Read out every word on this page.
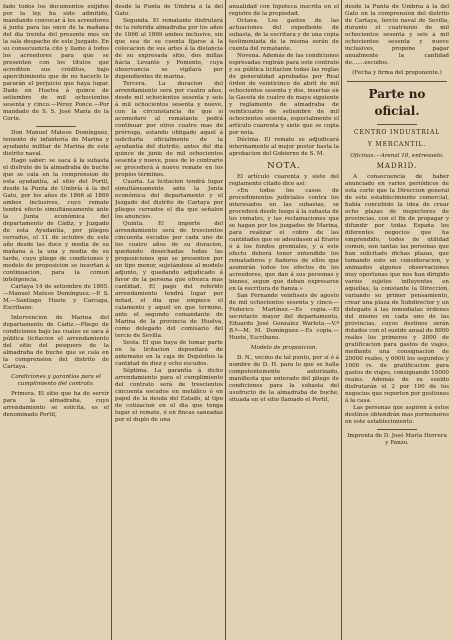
fado todos los documentos exijidos por la ley, ha sido admitido, mandando convocar á los acreedores á junta para las once de la mañana del dia treinta del presente mes en la sala despacho de este Juzgado. En su consecuencia cito y llamo á todos los acreedores para que se presenten con los títulos que acrediten sus créditos, bajo apercibimiento que de no hacerlo le pararán el perjuicio que haya lugar. Dado en Huelva á quince de setiembre de mil ochocientos sesenta y cinco.—Pérez Ponce.—Por mandado de S. S. José María de la Corte.

Don Manuel Mateos Domínguez, teniente de infantería de Marina y ayudante militar de Marina de este distrito naval.

Hago saber: se saca á la subasta el disfrute de la almadraba de buche que se cala en la comprension de esta ayudantía, al sitio del Portil, desde la Punta de Umbría á la del Gato, por los años de 1866 al 1869 ambos inclusives, cuyo remate tendrá efecto simultáneamente ante la Junta económica del departamento de Cádiz, y Juzgado de esta Ayudantía, por pliegos cerrados, el 11 de octubre de este año desde las doce y media de su mañana á la una y media de su tarde, cuyo pliego de condiciones y modelo de proposicion se insertan á continuacion, para la comun inteligencia.

Cartaya 14 de setiembre de 1865.—Manuel Mateos Domínguez.—P. S. M.—Santiago Huete y Carcaga, Escribano.

Intervencion de Marina del departamento de Cádiz.—Pliego de condiciones bajo las cuales se saca á pública licitacion el arrendamiento del sitio del pesquero de la almadraba de buche que se cala en la comprension del distrito de Cartaya.

Condiciones y garantías para el cumplimiento del contrato.

Primera. El sitio que ha de servir para la almadraba, cuyo arrendamiento se solicita, es el denominado Portil,

desde la Punta de Umbría á la del Gato.

Segunda. El rematante disfrutará de la referida almadraba por los años de 1866 al 1869 ambos inclusive, sin que sea de su cuenta fijarse á la colocacion de sus artes á la distancia de su expresada sitio, dos millas hácia Levante y Poniente, cuya observancia se vigilará por dependientes de marina.

Tercera. La duracion del arrendamiento será por cuatro años, desde mil ochocientos sesenta y seis á mil ochocientos sesenta y nueve, con la circunstancia de que si acomodare al rematante podrá continuar por otros cuatro mas de prórroga, estando obligado aquel á solicitarla oficialmente de la ayudantía del distrito, antes del dia quince de junio de mil ochocientos sesenta y nueve, pues de lo contrario se procederá á nuevo remate en los propios términos.

Cuarta. La licitacion tendrá lugar simultáneamente ante la Junta económica del departamento y el Juzgado del distrito de Cartaya por pliegos cerrados el dia que señalen los anuncios.

Quinta. El importe del arrendamiento será de trescientos cincuenta escudos por cada uno de los cuatro años de su duracion, quedando desechadas todas las proposiciones que se presenten por un tipo menor, sujetándose al modelo adjunto, y quedando adjudicado á favor de la persona que ofrezca mas cantidad. El pago del referido arrendamiento tendrá lugar por mitad, el dia que empiece el calamento y aquel en que termine, ante el segundo comandante de Marina de la provincia de Huelva, como delegado del comisario del tercio de Sevilla.

Sesta. El que haya de tomar parte en la licitacion depositará de antemano en la caja de Depósitos la cantidad de diez y ocho escudos.

Séptima. La garantía á dicho arrendamiento para el cumplimiento del contrato será de trescientos cincuenta escudos en metálico ó en papel de la deuda del Estado, al tipo de cotizacion en el dia que tenga lugar el remate, ó en fincas saneadas por el duplo de una

anualidad con hipoteca inscrita en el registro de la propiedad.

Octava. Los gastos de las actuaciones del expediente de subasta, de la escritura y de una copia testimoniada de la misma serán de cuenta del rematante.

Novena. Además de las condiciones espresadas regirán para este contrato y su pública licitacion todas las reglas de generalidad aprobadas por Real órden de veinticinco de abril de mil ochocientos sesenta y dos, insertas en la Gaceta de cuatro de mayo siguiente y reglamento de almadraba de veinticuatro de setiembre de mil ochocientos sesenta, especialmente el artículo cuarenta y siete que se copia por nota.

Décima. El remate se adjudicará interinamente al mejor postor hasta la aprobacion del Gobierno de S. M.

NOTA.

El artículo cuarenta y siete del reglamento citado dice así:

«En todos los casos de procedimientos judiciales contra los interesados en las subastas, se procederá desde luego á la subasta de los remates, y las reclamaciones que se hagan por los juzgados de Marina, para realizar el cobro de las cantidades que se adeudasen al Erario ó á los fondos gremiales, y á este efecto deberá tener entendido los rematadores y fiadores de ellos que asumirán todos los efectos de los acreedores, que dan á sus personas y bienes, segun que deban expresarse en la escritura de fianza.»

San Fernando veintiseis de agosto de mil ochocientos sesenta y cinco.—Federico Martínez.—Es copia.—El secretario mayor del departamento, Eduardo José Gonzalez Warleta.—V.º B.º—M. M. Domínguez.—Es copia.—Huete, Escribano.

Modelo de proposicion.

D. N., vecino de tal punto, por sí ó á nombre de D. H. para lo que se halla competentemente autorizado, manifiesta que enterado del pliego de condiciones para la subasta del usufructo de la almadraba de buche, situada en el sitio llamado el Portil,

desde la Punta de Umbría á la del Gato en la comprension del distrito de Cartaya, tercio naval de Sevilla, durante el cuatrienio de mil ochocientos sesenta y seis á mil ochocientos sesenta y nueve inclusives, propone pagar anualmente la cantidad de.......escudos.

(Fecha y firma del proponente.)

Parte no oficial.
CENTRO INDUSTRIAL
Y MERCANTIL.

Oficinas.—Arenal 10, entresuelo.

MADRID.

A consecuencia de haber anunciado en varios periódicos de esta corte que la Direccion general de este establecimiento comercial, había concebido la idea de crear ocho plazas de inspectores de provincias, con el fin de propagar y difundir por todas España los diferentes negocios que ha emprendido, todos de utilidad comun, son tantas las personas que han solicitado dichas plazas, que tomando esto en consideracion, y animados algunos observaciones muy oportunas que nos han dirigido varios sujetos influyentes en aquellas, la constante la Direccion, variando su primer pensamiento, crear una plaza de Subdirector y un delegado á las inmediatas órdenes del mismo en cada uno de las provincias, cuyos destinos serán dotados con el sueldo anual de 8000 reales los primeros y 2000 de gratificacion para gastos de viajes, mediante una consignacion de 20000 reales, y 6000 los segundos y 1000 rs. de gratificacion para gastos de viajes, consignando 15000 reales. Además de su sueldo disfrutarán el 2 por 100 de los negocios que reporten por gestiones á la casa.

Las personas que aspiren á estos destinos obtendrán mas pormenores en este establecimiento.

Imprenta de D. José María Herrera y Panzo.
